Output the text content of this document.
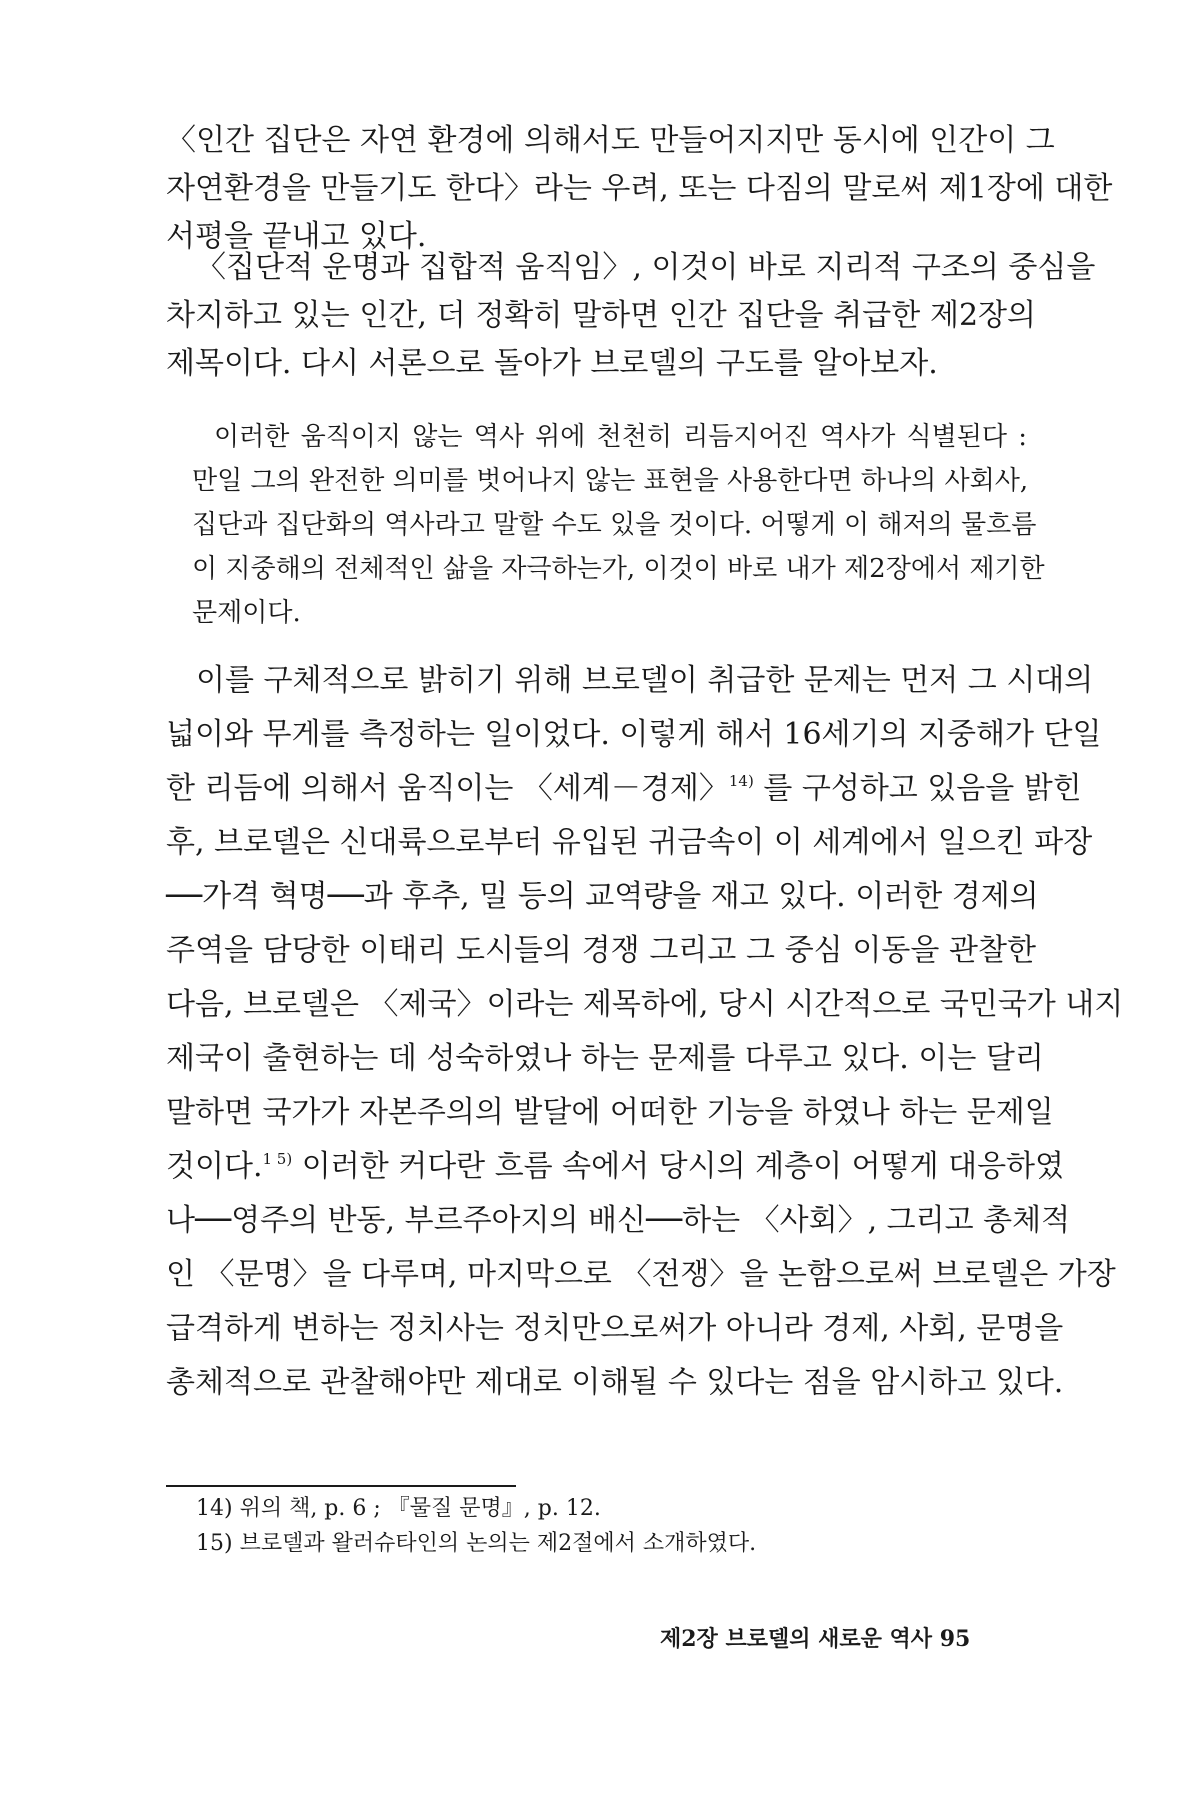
〈인간 집단은 자연 환경에 의해서도 만들어지지만 동시에 인간이 그
자연환경을 만들기도 한다〉라는 우려, 또는 다짐의 말로써 제1장에 대한
서평을 끝내고 있다.
〈집단적 운명과 집합적 움직임〉, 이것이 바로 지리적 구조의 중심을
차지하고 있는 인간, 더 정확히 말하면 인간 집단을 취급한 제2장의
제목이다. 다시 서론으로 돌아가 브로델의 구도를 알아보자.
이러한 움직이지 않는 역사 위에 천천히 리듬지어진 역사가 식별된다 :
만일 그의 완전한 의미를 벗어나지 않는 표현을 사용한다면 하나의 사회사,
집단과 집단화의 역사라고 말할 수도 있을 것이다. 어떻게 이 해저의 물흐름
이 지중해의 전체적인 삶을 자극하는가, 이것이 바로 내가 제2장에서 제기한
문제이다.
이를 구체적으로 밝히기 위해 브로델이 취급한 문제는 먼저 그 시대의
넓이와 무게를 측정하는 일이었다. 이렇게 해서 16세기의 지중해가 단일
한 리듬에 의해서 움직이는 〈세계－경제〉$^{14)}$ 를 구성하고 있음을 밝힌
후, 브로델은 신대륙으로부터 유입된 귀금속이 이 세계에서 일으킨 파장
──가격 혁명──과 후추, 밀 등의 교역량을 재고 있다. 이러한 경제의
주역을 담당한 이태리 도시들의 경쟁 그리고 그 중심 이동을 관찰한
다음, 브로델은 〈제국〉이라는 제목하에, 당시 시간적으로 국민국가 내지
제국이 출현하는 데 성숙하였나 하는 문제를 다루고 있다. 이는 달리
말하면 국가가 자본주의의 발달에 어떠한 기능을 하였나 하는 문제일
것이다.$^{1 5)}$ 이러한 커다란 흐름 속에서 당시의 계층이 어떻게 대응하였
나──영주의 반동, 부르주아지의 배신──하는 〈사회〉, 그리고 총체적
인 〈문명〉을 다루며, 마지막으로 〈전쟁〉을 논함으로써 브로델은 가장
급격하게 변하는 정치사는 정치만으로써가 아니라 경제, 사회, 문명을
총체적으로 관찰해야만 제대로 이해될 수 있다는 점을 암시하고 있다.
14) 위의 책, p. 6 ; 『물질 문명』, p. 12.
15) 브로델과 왈러슈타인의 논의는 제2절에서 소개하였다.
제2장 브로델의 새로운 역사 95
